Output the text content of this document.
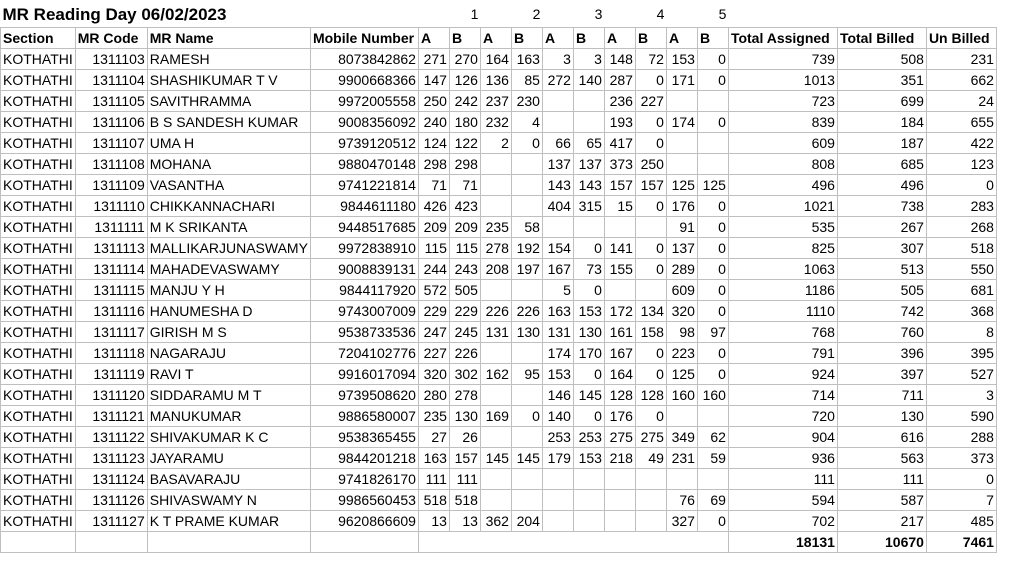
MR Reading Day 06/02/2023					1		2		3		4		5			
Section	MR Code	MR Name	Mobile Number	A	B	A	B	A	B	A	B	A	B	Total Assigned	Total Billed	Un Billed
KOTHATHI	1311103	RAMESH	8073842862	271	270	164	163	3	3	148	72	153	0	739	508	231
KOTHATHI	1311104	SHASHIKUMAR T V	9900668366	147	126	136	85	272	140	287	0	171	0	1013	351	662
KOTHATHI	1311105	SAVITHRAMMA	9972005558	250	242	237	230			236	227			723	699	24
KOTHATHI	1311106	B S SANDESH KUMAR	9008356092	240	180	232	4			193	0	174	0	839	184	655
KOTHATHI	1311107	UMA H	9739120512	124	122	2	0	66	65	417	0			609	187	422
KOTHATHI	1311108	MOHANA	9880470148	298	298			137	137	373	250			808	685	123
KOTHATHI	1311109	VASANTHA	9741221814	71	71			143	143	157	157	125	125	496	496	0
KOTHATHI	1311110	CHIKKANNACHARI	9844611180	426	423			404	315	15	0	176	0	1021	738	283
KOTHATHI	1311111	M K SRIKANTA	9448517685	209	209	235	58					91	0	535	267	268
KOTHATHI	1311113	MALLIKARJUNASWAMY	9972838910	115	115	278	192	154	0	141	0	137	0	825	307	518
KOTHATHI	1311114	MAHADEVASWAMY	9008839131	244	243	208	197	167	73	155	0	289	0	1063	513	550
KOTHATHI	1311115	MANJU Y H	9844117920	572	505			5	0			609	0	1186	505	681
KOTHATHI	1311116	HANUMESHA D	9743007009	229	229	226	226	163	153	172	134	320	0	1110	742	368
KOTHATHI	1311117	GIRISH M S	9538733536	247	245	131	130	131	130	161	158	98	97	768	760	8
KOTHATHI	1311118	NAGARAJU	7204102776	227	226			174	170	167	0	223	0	791	396	395
KOTHATHI	1311119	RAVI T	9916017094	320	302	162	95	153	0	164	0	125	0	924	397	527
KOTHATHI	1311120	SIDDARAMU M T	9739508620	280	278			146	145	128	128	160	160	714	711	3
KOTHATHI	1311121	MANUKUMAR	9886580007	235	130	169	0	140	0	176	0			720	130	590
KOTHATHI	1311122	SHIVAKUMAR K C	9538365455	27	26			253	253	275	275	349	62	904	616	288
KOTHATHI	1311123	JAYARAMU	9844201218	163	157	145	145	179	153	218	49	231	59	936	563	373
KOTHATHI	1311124	BASAVARAJU	9741826170	111	111									111	111	0
KOTHATHI	1311126	SHIVASWAMY N	9986560453	518	518							76	69	594	587	7
KOTHATHI	1311127	K T PRAME KUMAR	9620866609	13	13	362	204					327	0	702	217	485
														18131	10670	7461
